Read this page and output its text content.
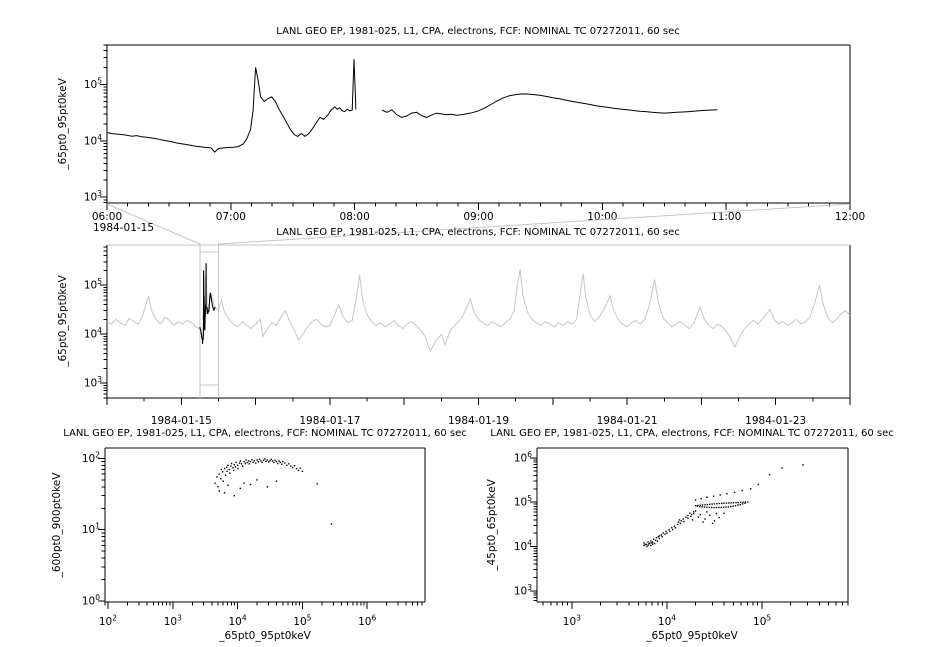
$10^3$
$10^4$
$10^5$
06:00	07:00	08:00	09:00	10:00	11:00	12:00
$10^3$
$10^4$
$10^5$
1984-01-15	1984-01-17	1984-01-19	1984-01-21	1984-01-23
$10^0$
$10^1$
$10^2$
$10^2$	$10^3$	$10^4$	$10^5$	$10^6$
$10^3$
$10^4$
$10^5$
$10^6$
$10^3$	$10^4$	$10^5$
LANL GEO EP, 1981-025, L1, CPA, electrons, FCF: NOMINAL TC 07272011, 60 sec
LANL GEO EP, 1981-025, L1, CPA, electrons, FCF: NOMINAL TC 07272011, 60 sec
LANL GEO EP, 1981-025, L1, CPA, electrons, FCF: NOMINAL TC 07272011, 60 sec LANL GEO EP, 1981-025, L1, CPA, electrons, FCF: NOMINAL TC 07272011, 60 sec
_65pt0_95pt0keV
_65pt0_95pt0keV
_600pt0_900pt0keV	_45pt0_65pt0keV
_65pt0_95pt0keV	_65pt0_95pt0keV
1984-01-15
